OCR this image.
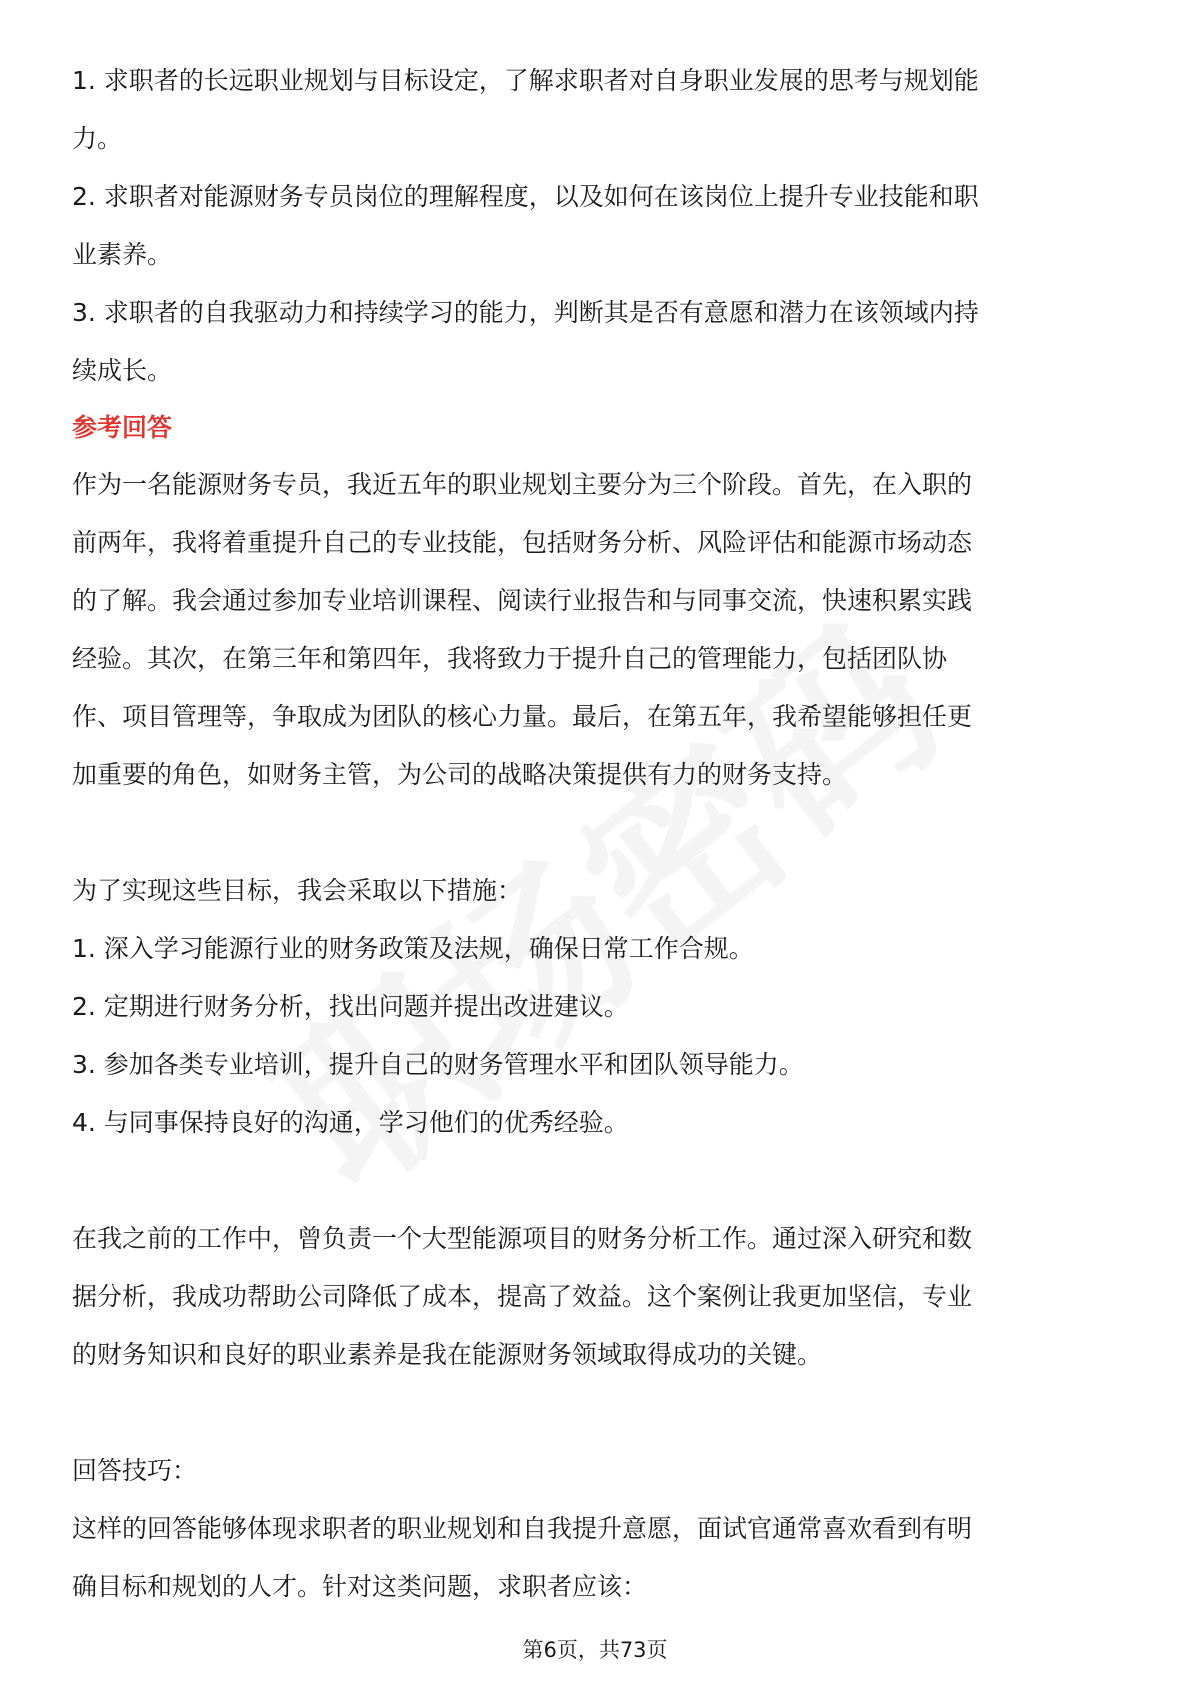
1. 求职者的长远职业规划与目标设定，了解求职者对自身职业发展的思考与规划能
力。
2. 求职者对能源财务专员岗位的理解程度，以及如何在该岗位上提升专业技能和职
业素养。
3. 求职者的自我驱动力和持续学习的能力，判断其是否有意愿和潜力在该领域内持
续成长。
参考回答
作为一名能源财务专员，我近五年的职业规划主要分为三个阶段。首先，在入职的
前两年，我将着重提升自己的专业技能，包括财务分析、风险评估和能源市场动态
的了解。我会通过参加专业培训课程、阅读行业报告和与同事交流，快速积累实践
经验。其次，在第三年和第四年，我将致力于提升自己的管理能力，包括团队协
作、项目管理等，争取成为团队的核心力量。最后，在第五年，我希望能够担任更
加重要的角色，如财务主管，为公司的战略决策提供有力的财务支持。
为了实现这些目标，我会采取以下措施：
1. 深入学习能源行业的财务政策及法规，确保日常工作合规。
2. 定期进行财务分析，找出问题并提出改进建议。
3. 参加各类专业培训，提升自己的财务管理水平和团队领导能力。
4. 与同事保持良好的沟通，学习他们的优秀经验。
在我之前的工作中，曾负责一个大型能源项目的财务分析工作。通过深入研究和数
据分析，我成功帮助公司降低了成本，提高了效益。这个案例让我更加坚信，专业
的财务知识和良好的职业素养是我在能源财务领域取得成功的关键。
回答技巧：
这样的回答能够体现求职者的职业规划和自我提升意愿，面试官通常喜欢看到有明
确目标和规划的人才。针对这类问题，求职者应该：
第6页，共73页
